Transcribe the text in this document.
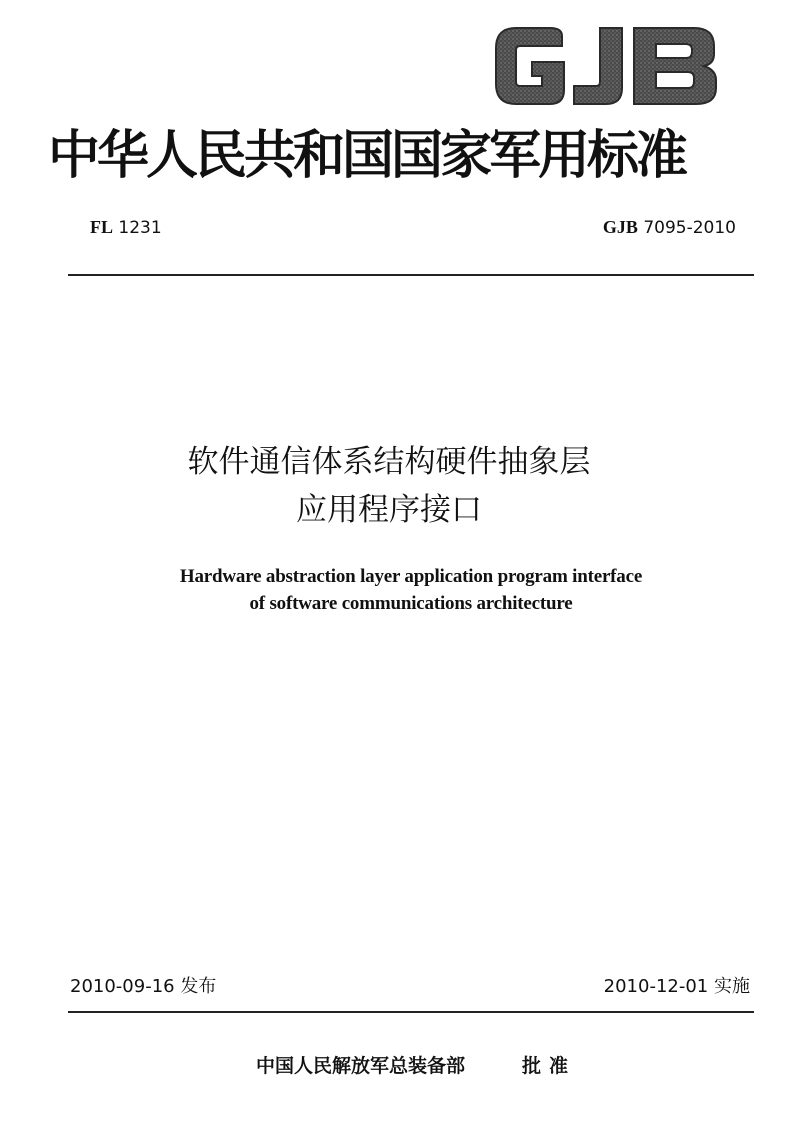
中华人民共和国国家军用标准
FL 1231	GJB 7095-2010
软件通信体系结构硬件抽象层
应用程序接口
Hardware abstraction layer application program interface
of software communications architecture
2010-09-16 发布	2010-12-01 实施
中国人民解放军总装备部	批准
